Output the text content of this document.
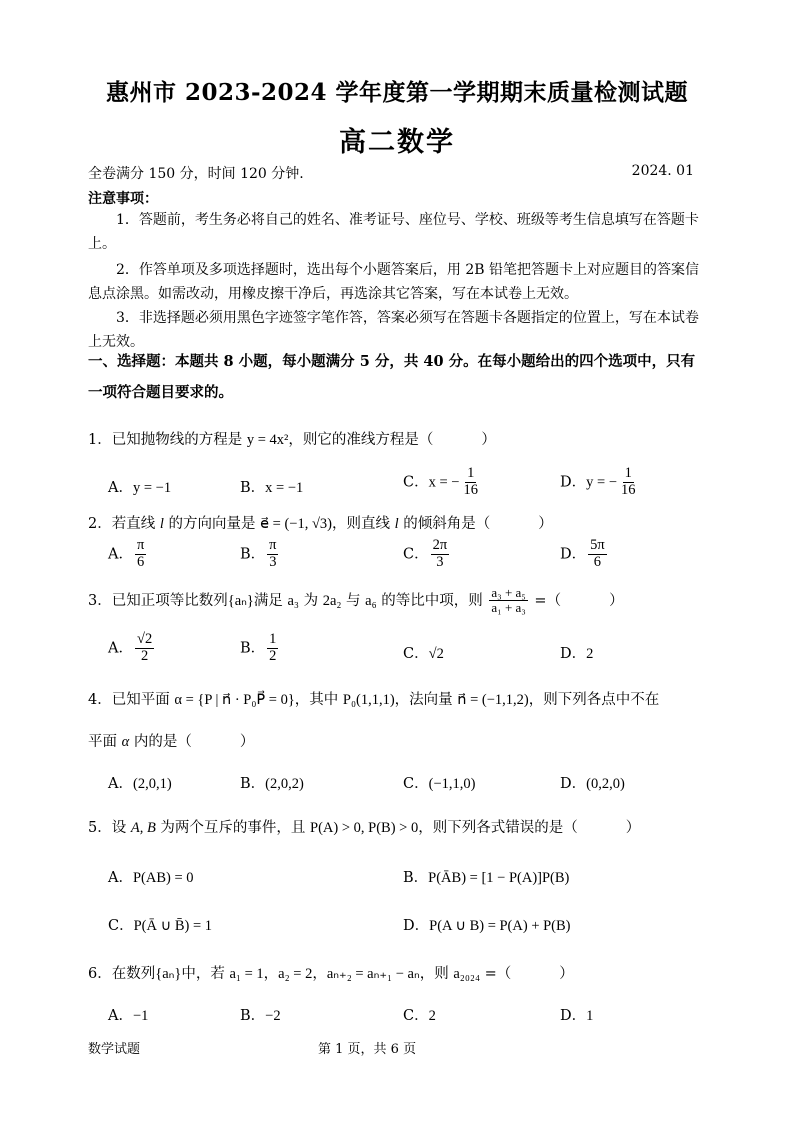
惠州市 2023-2024 学年度第一学期期末质量检测试题
高二数学
全卷满分 150 分，时间 120 分钟.	2024. 01
注意事项：
1．答题前，考生务必将自己的姓名、准考证号、座位号、学校、班级等考生信息填写在答题卡上。
2．作答单项及多项选择题时，选出每个小题答案后，用 2B 铅笔把答题卡上对应题目的答案信息点涂黑。如需改动，用橡皮擦干净后，再选涂其它答案，写在本试卷上无效。
3．非选择题必须用黑色字迹签字笔作答，答案必须写在答题卡各题指定的位置上，写在本试卷上无效。
一、选择题：本题共 8 小题，每小题满分 5 分，共 40 分。在每小题给出的四个选项中，只有一项符合题目要求的。
1．已知抛物线的方程是 y = 4x²，则它的准线方程是（	）
A．y = −1	B．x = −1	C．x = − $\frac{1}{16}$	D．y = − $\frac{1}{16}$
2．若直线 l 的方向向量是 e⃗ = (−1, √3)，则直线 l 的倾斜角是（	）
A． $\frac{\pi}{6}$	B． $\frac{\pi}{3}$	C． $\frac{2\pi}{3}$	D． $\frac{5\pi}{6}$
3．已知正项等比数列{aₙ}满足 a₃ 为 2a₂ 与 a₆ 的等比中项，则 $\frac{\text{a₃ + a₅}}{\text{a₁ + a₃}}$ =（	）
A． $\frac{√2}{2}$	B． $\frac{1}{2}$	C．√2	D．2
4．已知平面 α = {P | n⃗ · P₀P⃗ = 0}，其中 P₀(1,1,1)，法向量 n⃗ = (−1,1,2)，则下列各点中不在
平面 α 内的是（	）
A．(2,0,1)	B．(2,0,2)	C．(−1,1,0)	D．(0,2,0)
5．设 A, B 为两个互斥的事件，且 P(A) > 0, P(B) > 0，则下列各式错误的是（	）
A．P(AB) = 0	B．P(ĀB) = [1 − P(A)]P(B)
C．P(Ā ∪ B̄) = 1	D．P(A ∪ B) = P(A) + P(B)
6．在数列{aₙ}中，若 a₁ = 1，a₂ = 2，aₙ₊₂ = aₙ₊₁ − aₙ，则 a₂₀₂₄ =（	）
A．−1	B．−2	C．2	D．1
数学试题	第 1 页，共 6 页
